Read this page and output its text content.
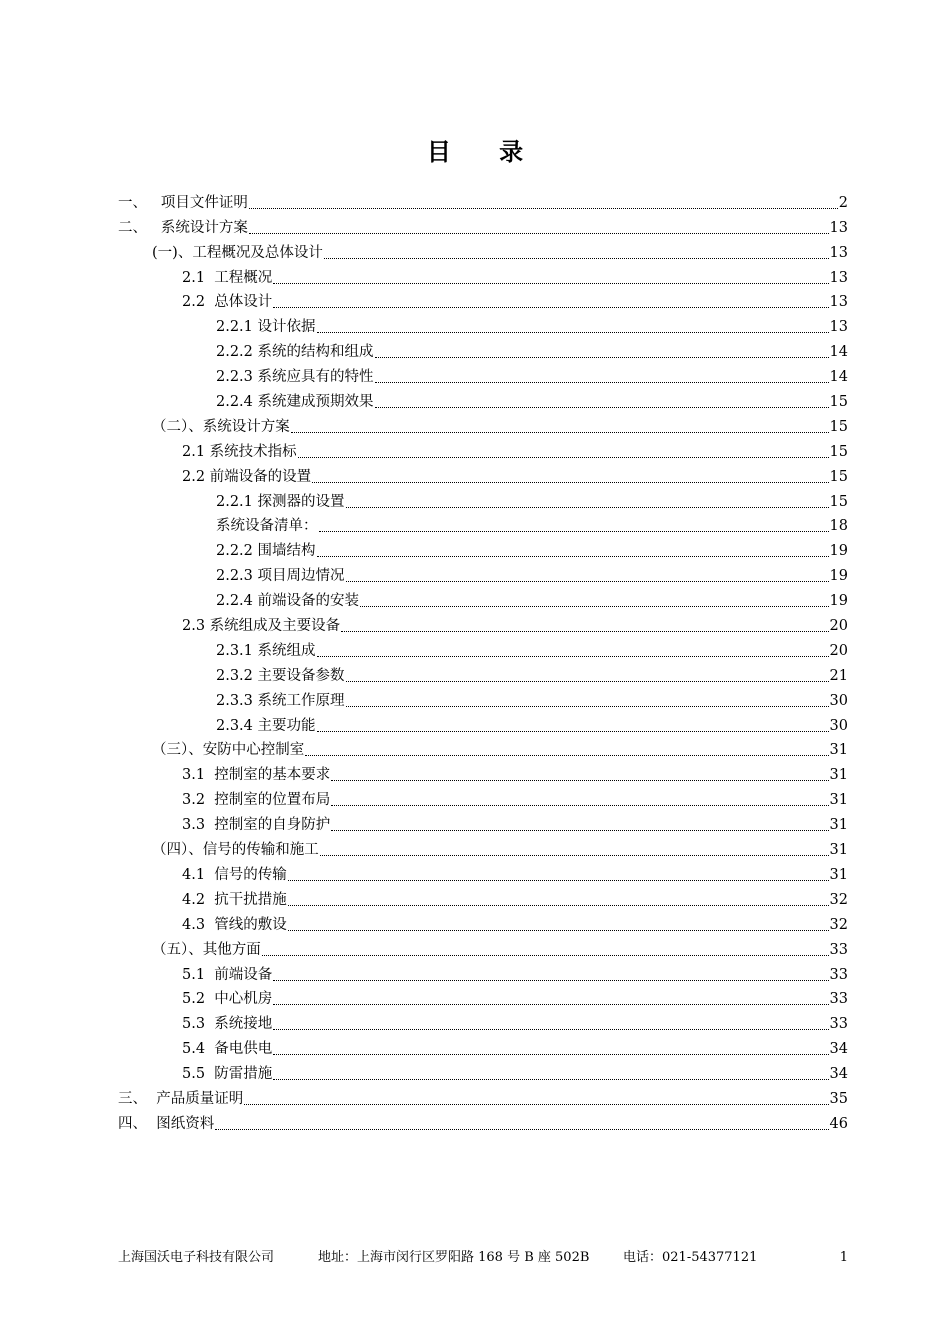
目 录
一、   项目文件证明	2
二、   系统设计方案	13
(一)、工程概况及总体设计	13
2.1  工程概况	13
2.2  总体设计	13
2.2.1 设计依据	13
2.2.2 系统的结构和组成	14
2.2.3 系统应具有的特性	14
2.2.4 系统建成预期效果	15
（二）、系统设计方案	15
2.1 系统技术指标	15
2.2 前端设备的设置	15
2.2.1 探测器的设置	15
系统设备清单：	18
2.2.2 围墙结构	19
2.2.3 项目周边情况	19
2.2.4 前端设备的安装	19
2.3 系统组成及主要设备	20
2.3.1 系统组成	20
2.3.2 主要设备参数	21
2.3.3 系统工作原理	30
2.3.4 主要功能	30
（三）、安防中心控制室	31
3.1  控制室的基本要求	31
3.2  控制室的位置布局	31
3.3  控制室的自身防护	31
（四）、信号的传输和施工	31
4.1  信号的传输	31
4.2  抗干扰措施	32
4.3  管线的敷设	32
（五）、其他方面	33
5.1  前端设备	33
5.2  中心机房	33
5.3  系统接地	33
5.4  备电供电	34
5.5  防雷措施	34
三、  产品质量证明	35
四、  图纸资料	46
上海国沃电子科技有限公司	地址：上海市闵行区罗阳路 168 号 B 座 502B	电话：021-54377121	1
